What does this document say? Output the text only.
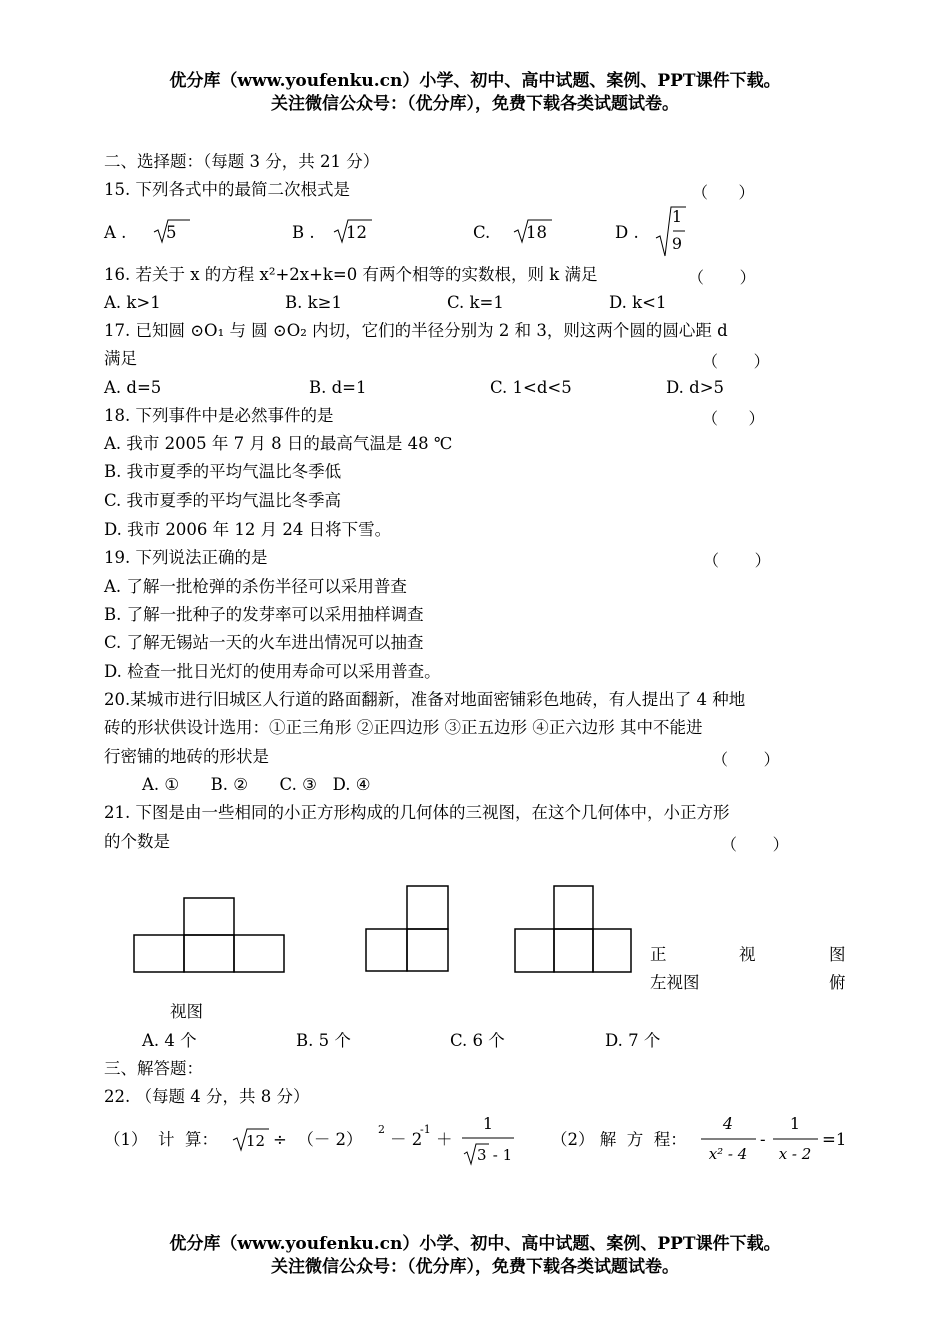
优分库（www.youfenku.cn）小学、初中、高中试题、案例、PPT课件下载。
关注微信公众号：（优分库），免费下载各类试题试卷。
二、选择题：（每题 3 分，共 21 分）
15. 下列各式中的最简二次根式是	（      ）
A . 5	B . 12	C. 18	D .
1
9
16. 若关于 x 的方程 x²+2x+k=0 有两个相等的实数根，则 k 满足	（       ）
A. k>1	B. k≥1	C. k=1	D. k<1
17. 已知圆 ⊙O₁ 与 圆 ⊙O₂ 内切，它们的半径分别为 2 和 3，则这两个圆的圆心距 d
满足	（       ）
A. d=5	B. d=1	C. 1<d<5	D. d>5
18. 下列事件中是必然事件的是	（      ）
A. 我市 2005 年 7 月 8 日的最高气温是 48 ℃
B. 我市夏季的平均气温比冬季低
C. 我市夏季的平均气温比冬季高
D. 我市 2006 年 12 月 24 日将下雪。
19. 下列说法正确的是	（       ）
A. 了解一批枪弹的杀伤半径可以采用普查
B. 了解一批种子的发芽率可以采用抽样调查
C. 了解无锡站一天的火车进出情况可以抽查
D. 检查一批日光灯的使用寿命可以采用普查。
20.某城市进行旧城区人行道的路面翻新，准备对地面密铺彩色地砖，有人提出了 4 种地
砖的形状供设计选用：①正三角形 ②正四边形 ③正五边形 ④正六边形 其中不能进
行密铺的地砖的形状是	（       ）
A. ①      B. ②      C. ③   D. ④
21. 下图是由一些相同的小正方形构成的几何体的三视图，在这个几何体中，小正方形
的个数是	（       ）
正	视	图
左视图	俯
视图
A. 4 个	B. 5 个	C. 6 个	D. 7 个
三、解答题：
22. （每题 4 分，共 8 分）
（1）  计  算： 12 ÷  （－ 2）
2
－ 2
-1
＋
1
3 - 1
（2） 解  方  程：
4
x² - 4
-
1
x - 2
=1
优分库（www.youfenku.cn）小学、初中、高中试题、案例、PPT课件下载。
关注微信公众号：（优分库），免费下载各类试题试卷。
